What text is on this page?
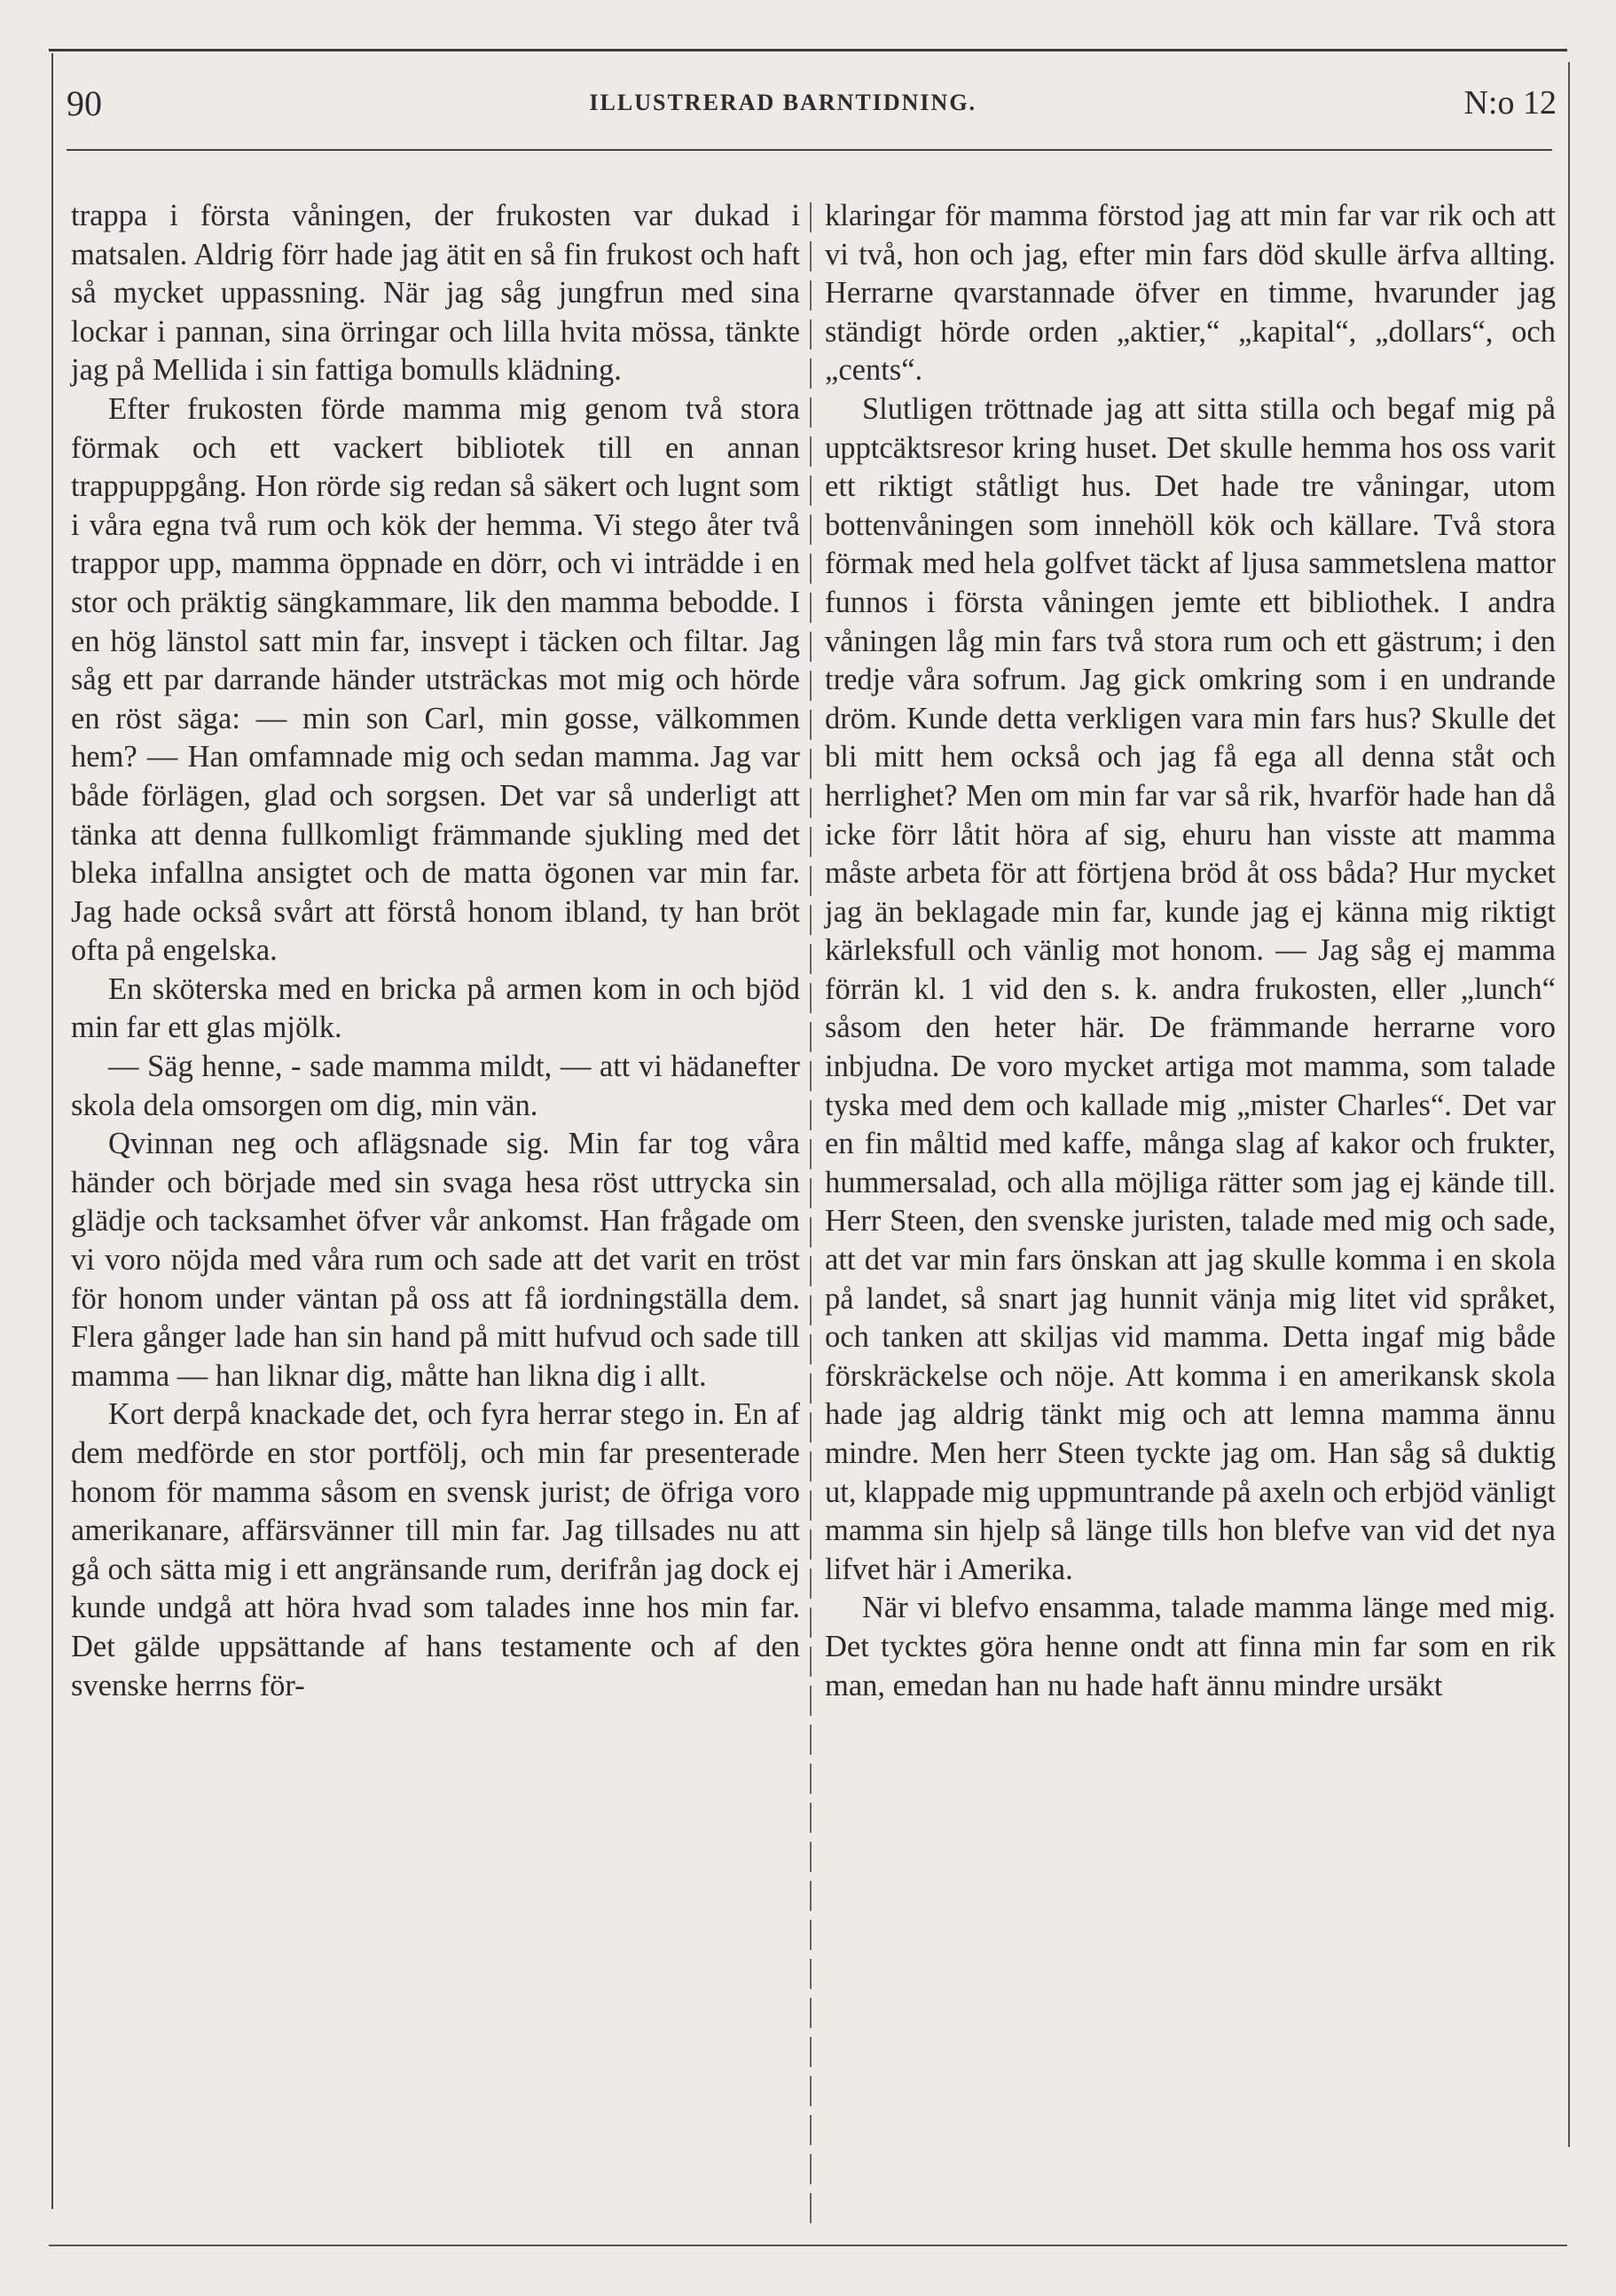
90	ILLUSTRERAD BARNTIDNING.	N:o 12

trappa i första våningen, der frukosten var dukad i matsalen. Aldrig förr hade jag ätit en så fin frukost och haft så mycket uppassning. När jag såg jungfrun med sina lockar i pannan, sina örringar och lilla hvita mössa, tänkte jag på Mellida i sin fattiga bomulls klädning.

Efter frukosten förde mamma mig genom två stora förmak och ett vackert bibliotek till en annan trappuppgång. Hon rörde sig redan så säkert och lugnt som i våra egna två rum och kök der hemma. Vi stego åter två trappor upp, mamma öppnade en dörr, och vi inträdde i en stor och präktig sängkammare, lik den mamma bebodde. I en hög länstol satt min far, insvept i täcken och filtar. Jag såg ett par darrande händer utsträckas mot mig och hörde en röst säga: — min son Carl, min gosse, välkommen hem? — Han omfamnade mig och sedan mamma. Jag var både förlägen, glad och sorgsen. Det var så underligt att tänka att denna fullkomligt främmande sjukling med det bleka infallna ansigtet och de matta ögonen var min far. Jag hade också svårt att förstå honom ibland, ty han bröt ofta på engelska.

En sköterska med en bricka på armen kom in och bjöd min far ett glas mjölk.

— Säg henne, - sade mamma mildt, — att vi hädanefter skola dela omsorgen om dig, min vän.

Qvinnan neg och aflägsnade sig. Min far tog våra händer och började med sin svaga hesa röst uttrycka sin glädje och tacksamhet öfver vår ankomst. Han frågade om vi voro nöjda med våra rum och sade att det varit en tröst för honom under väntan på oss att få iordningställa dem. Flera gånger lade han sin hand på mitt hufvud och sade till mamma — han liknar dig, måtte han likna dig i allt.

Kort derpå knackade det, och fyra herrar stego in. En af dem medförde en stor portfölj, och min far presenterade honom för mamma såsom en svensk jurist; de öfriga voro amerikanare, affärsvänner till min far. Jag tillsades nu att gå och sätta mig i ett angränsande rum, derifrån jag dock ej kunde undgå att höra hvad som talades inne hos min far. Det gälde uppsättande af hans testamente och af den svenske herrns för-

klaringar för mamma förstod jag att min far var rik och att vi två, hon och jag, efter min fars död skulle ärfva allting. Herrarne qvarstannade öfver en timme, hvarunder jag ständigt hörde orden „aktier,“ „kapital“, „dollars“, och „cents“.

Slutligen tröttnade jag att sitta stilla och begaf mig på upptcäktsresor kring huset. Det skulle hemma hos oss varit ett riktigt ståtligt hus. Det hade tre våningar, utom bottenvåningen som innehöll kök och källare. Två stora förmak med hela golfvet täckt af ljusa sammetslena mattor funnos i första våningen jemte ett bibliothek. I andra våningen låg min fars två stora rum och ett gästrum; i den tredje våra sofrum. Jag gick omkring som i en undrande dröm. Kunde detta verkligen vara min fars hus? Skulle det bli mitt hem också och jag få ega all denna ståt och herrlighet? Men om min far var så rik, hvarför hade han då icke förr låtit höra af sig, ehuru han visste att mamma måste arbeta för att förtjena bröd åt oss båda? Hur mycket jag än beklagade min far, kunde jag ej känna mig riktigt kärleksfull och vänlig mot honom. — Jag såg ej mamma förrän kl. 1 vid den s. k. andra frukosten, eller „lunch“ såsom den heter här. De främmande herrarne voro inbjudna. De voro mycket artiga mot mamma, som talade tyska med dem och kallade mig „mister Charles“. Det var en fin måltid med kaffe, många slag af kakor och frukter, hummersalad, och alla möjliga rätter som jag ej kände till. Herr Steen, den svenske juristen, talade med mig och sade, att det var min fars önskan att jag skulle komma i en skola på landet, så snart jag hunnit vänja mig litet vid språket, och tanken att skiljas vid mamma. Detta ingaf mig både förskräckelse och nöje. Att komma i en amerikansk skola hade jag aldrig tänkt mig och att lemna mamma ännu mindre. Men herr Steen tyckte jag om. Han såg så duktig ut, klappade mig uppmuntrande på axeln och erbjöd vänligt mamma sin hjelp så länge tills hon blefve van vid det nya lifvet här i Amerika.

När vi blefvo ensamma, talade mamma länge med mig. Det tycktes göra henne ondt att finna min far som en rik man, emedan han nu hade haft ännu mindre ursäkt
